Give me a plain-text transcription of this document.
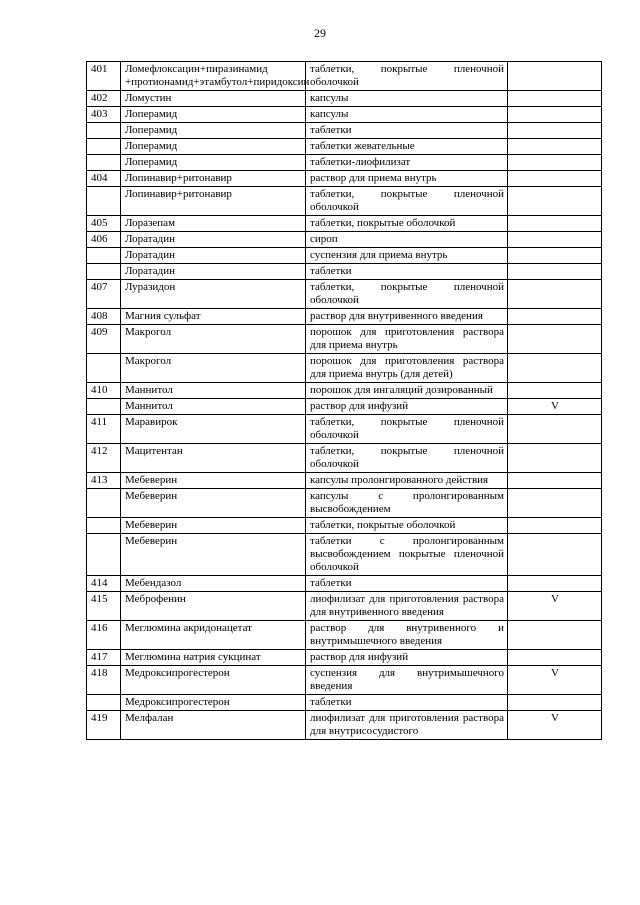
29
401	Ломефлоксацин+пиразинамид +протионамид+этамбутол+пиридоксин	таблетки, покрытые пленочной оболочкой	
402	Ломустин	капсулы	
403	Лоперамид	капсулы	
	Лоперамид	таблетки	
	Лоперамид	таблетки жевательные	
	Лоперамид	таблетки-лиофилизат	
404	Лопинавир+ритонавир	раствор для приема внутрь	
	Лопинавир+ритонавир	таблетки, покрытые пленочной оболочкой	
405	Лоразепам	таблетки, покрытые оболочкой	
406	Лоратадин	сироп	
	Лоратадин	суспензия для приема внутрь	
	Лоратадин	таблетки	
407	Луразидон	таблетки, покрытые пленочной оболочкой	
408	Магния сульфат	раствор для внутривенного введения	
409	Макрогол	порошок для приготовления раствора для приема внутрь	
	Макрогол	порошок для приготовления раствора для приема внутрь (для детей)	
410	Маннитол	порошок для ингаляций дозированный	
	Маннитол	раствор для инфузий	V
411	Маравирок	таблетки, покрытые пленочной оболочкой	
412	Мацитентан	таблетки, покрытые пленочной оболочкой	
413	Мебеверин	капсулы пролонгированного действия	
	Мебеверин	капсулы с пролонгированным высвобождением	
	Мебеверин	таблетки, покрытые оболочкой	
	Мебеверин	таблетки с пролонгированным высвобождением покрытые пленочной оболочкой	
414	Мебендазол	таблетки	
415	Меброфенин	лиофилизат для приготовления раствора для внутривенного введения	V
416	Меглюмина акридонацетат	раствор для внутривенного и внутримышечного введения	
417	Меглюмина натрия сукцинат	раствор для инфузий	
418	Медроксипрогестерон	суспензия для внутримышечного введения	V
	Медроксипрогестерон	таблетки	
419	Мелфалан	лиофилизат для приготовления раствора для внутрисосудистого	V
